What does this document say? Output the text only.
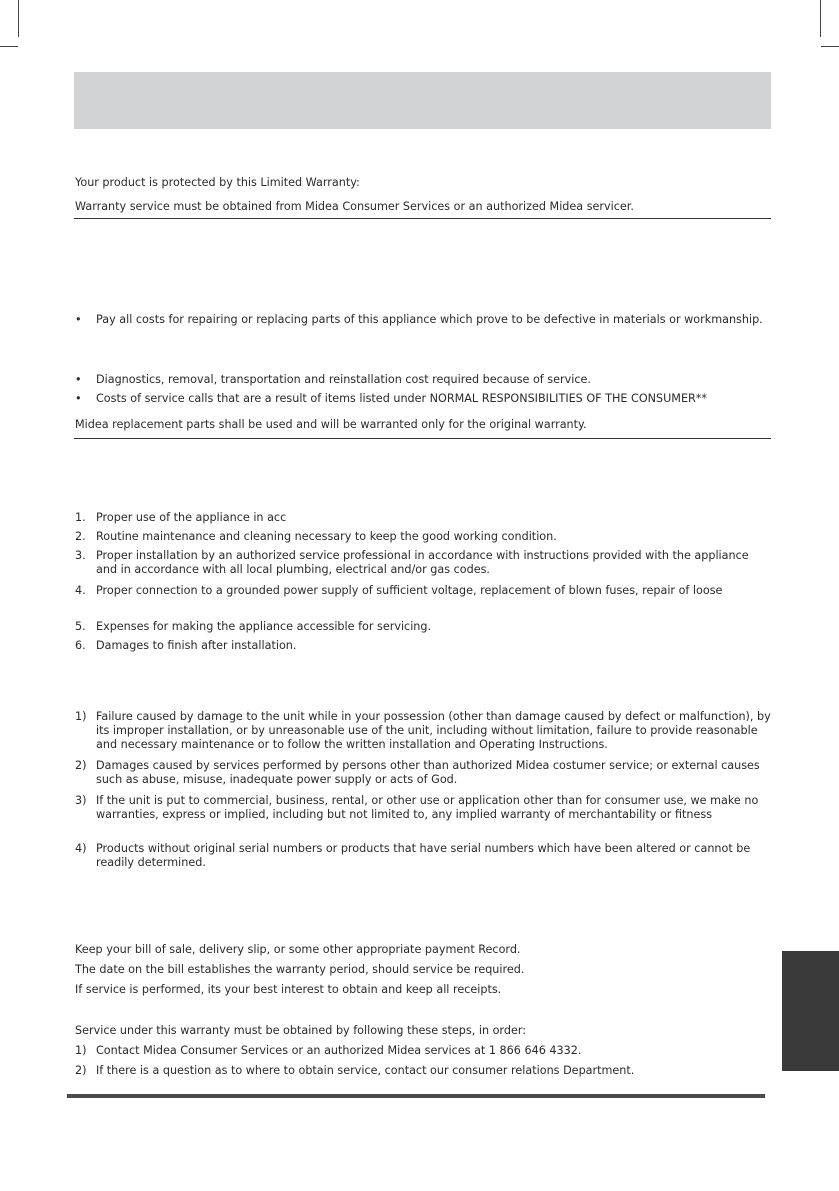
Your product is protected by this Limited Warranty:
Warranty service must be obtained from Midea Consumer Services or an authorized Midea servicer.
• Pay all costs for repairing or replacing parts of this appliance which prove to be defective in materials or workmanship.
• Diagnostics, removal, transportation and reinstallation cost required because of service.
• Costs of service calls that are a result of items listed under NORMAL RESPONSIBILITIES OF THE CONSUMER**
Midea replacement parts shall be used and will be warranted only for the original warranty.
1. Proper use of the appliance in acc
2. Routine maintenance and cleaning necessary to keep the good working condition.
3. Proper installation by an authorized service professional in accordance with instructions provided with the appliance and in accordance with all local plumbing, electrical and/or gas codes.
4. Proper connection to a grounded power supply of sufficient voltage, replacement of blown fuses, repair of loose
5. Expenses for making the appliance accessible for servicing.
6. Damages to finish after installation.
1) Failure caused by damage to the unit while in your possession (other than damage caused by defect or malfunction), by its improper installation, or by unreasonable use of the unit, including without limitation, failure to provide reasonable and necessary maintenance or to follow the written installation and Operating Instructions.
2) Damages caused by services performed by persons other than authorized Midea costumer service; or external causes such as abuse, misuse, inadequate power supply or acts of God.
3) If the unit is put to commercial, business, rental, or other use or application other than for consumer use, we make no warranties, express or implied, including but not limited to, any implied warranty of merchantability or fitness
4) Products without original serial numbers or products that have serial numbers which have been altered or cannot be readily determined.
Keep your bill of sale, delivery slip, or some other appropriate payment Record.
The date on the bill establishes the warranty period, should service be required.
If service is performed, its your best interest to obtain and keep all receipts.
Service under this warranty must be obtained by following these steps, in order:
1) Contact Midea Consumer Services or an authorized Midea services at 1 866 646 4332.
2) If there is a question as to where to obtain service, contact our consumer relations Department.
